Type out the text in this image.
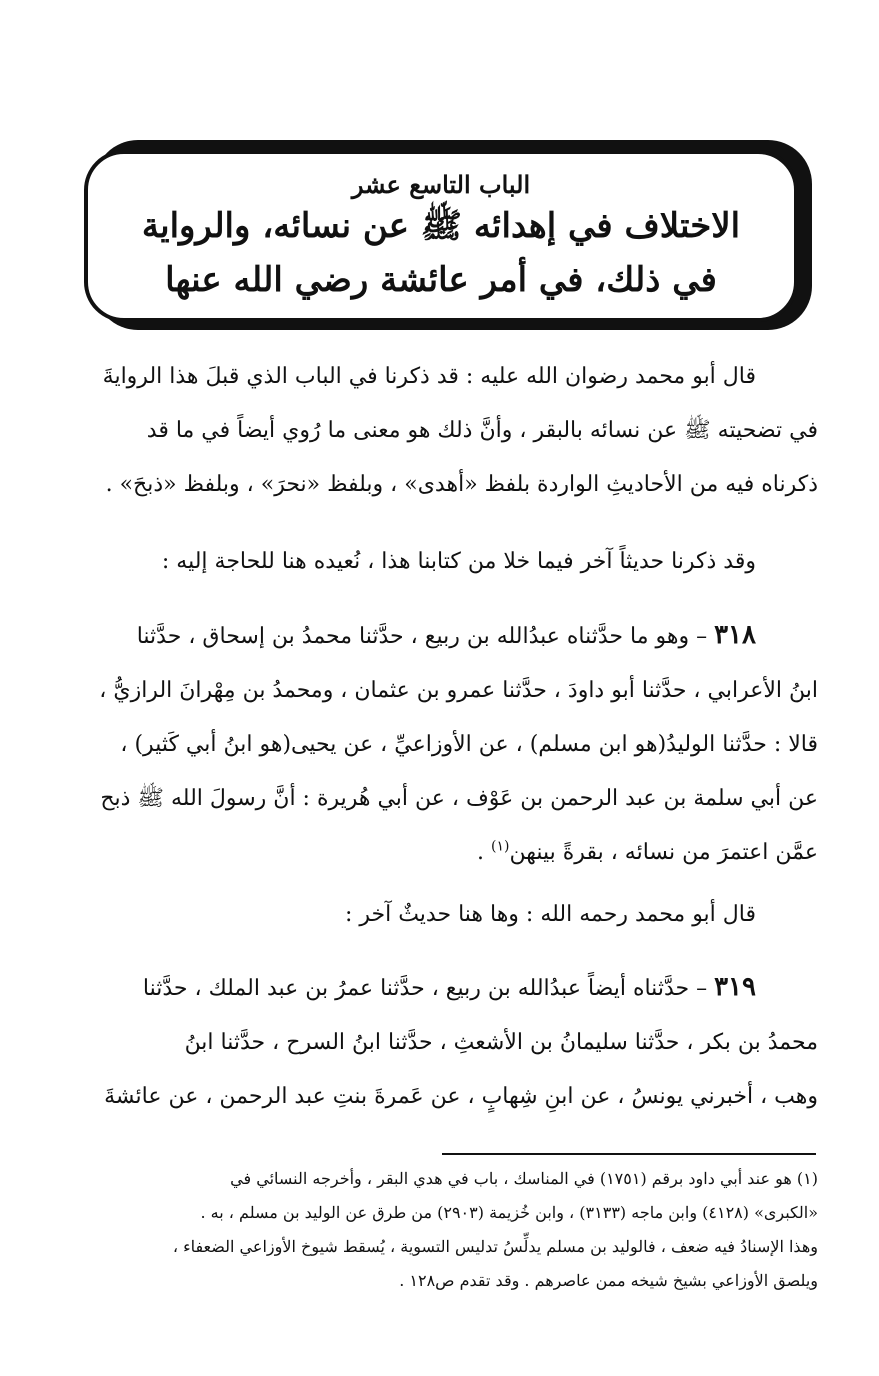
الباب التاسع عشر
الاختلاف في إهدائه ﷺ عن نسائه، والرواية
في ذلك، في أمر عائشة رضي الله عنها
قال أبو محمد رضوان الله عليه : قد ذكرنا في الباب الذي قبلَ هذا الروايةَ
في تضحيته ﷺ عن نسائه بالبقر ، وأنَّ ذلك هو معنى ما رُوي أيضاً في ما قد
ذكرناه فيه من الأحاديثِ الواردة بلفظ «أهدى» ، وبلفظ «نحرَ» ، وبلفظ «ذبحَ» .
وقد ذكرنا حديثاً آخر فيما خلا من كتابنا هذا ، نُعيده هنا للحاجة إليه :
٣١٨ – وهو ما حدَّثناه عبدُالله بن ربيع ، حدَّثنا محمدُ بن إسحاق ، حدَّثنا
ابنُ الأعرابي ، حدَّثنا أبو داودَ ، حدَّثنا عمرو بن عثمان ، ومحمدُ بن مِهْرانَ الرازيُّ ،
قالا : حدَّثنا الوليدُ(هو ابن مسلم) ، عن الأوزاعيِّ ، عن يحيى(هو ابنُ أبي كَثير) ،
عن أبي سلمة بن عبد الرحمن بن عَوْف ، عن أبي هُريرة : أنَّ رسولَ الله ﷺ ذبح
عمَّن اعتمرَ من نسائه ، بقرةً بينهن$^{(١)}$ .
قال أبو محمد رحمه الله : وها هنا حديثٌ آخر :
٣١٩ – حدَّثناه أيضاً عبدُالله بن ربيع ، حدَّثنا عمرُ بن عبد الملك ، حدَّثنا
محمدُ بن بكر ، حدَّثنا سليمانُ بن الأشعثِ ، حدَّثنا ابنُ السرح ، حدَّثنا ابنُ
وهب ، أخبرني يونسُ ، عن ابنِ شِهابٍ ، عن عَمرةَ بنتِ عبد الرحمن ، عن عائشةَ
(١) هو عند أبي داود برقم (١٧٥١) في المناسك ، باب في هدي البقر ، وأخرجه النسائي في
«الكبرى» (٤١٢٨) وابن ماجه (٣١٣٣) ، وابن خُزيمة (٢٩٠٣) من طرق عن الوليد بن مسلم ، به .
وهذا الإسنادُ فيه ضعف ، فالوليد بن مسلم يدلِّسُ تدليس التسوية ، يُسقط شيوخ الأوزاعي الضعفاء ،
ويلصق الأوزاعي بشيخ شيخه ممن عاصرهم . وقد تقدم ص١٢٨ .
